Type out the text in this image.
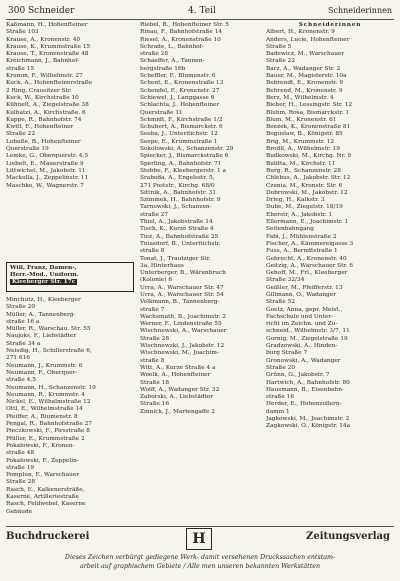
300 Schneider	4. Teil	Schneiderinnen
Kaßmann, H., Hohenfteiner
Straße 103
Krause, A., Kronenstr. 40
Krause, K., Krummstraße 15
Krause, T., Kronenstraße 48
Kreichmann, J., Bahnhof-
straße 15
Krumm, F., Wilhelmstr. 27
Kuck, A., Hohenfteinerstraße
2 Ring, Crausitzer Str.
Kuck, W., Kirchstraße 10
Kühnelt, A., Ziegelstraße 38
Kulbatzi, A., Kirchstraße. 6
Kuppe, R., Bahnhofstr. 74
Kwitt, F., Hohenfteiner
Straße 22
Lobuße, B., Hohenfteiner
Querstraße 19
Lemke, G., Oberquerstr. 4,5
Liebelt, E., Mauerstraße 9
Littwichst, M., Jakobstr. 11
Mackolla, J., Zeppelinstr. 11
Maschke, W., Wagnerstr. 7
Will, Franz, Damen-,
Herr.-Mod., Uniform.
Kleeberger Str. 17c
Minchutz, H., Kleeberger
Straße 20
Müller, A., Tannenberg-
straße 16 a
Müller, R., Warschau. Str. 55
Naujoks, F., Liebstädter
Straße 34 a
Neisdig, H., Schillerstraße 6,
271 616
Neumann, J., Krummstr. 6
Neumann, F., Oberquer-
straße 4,5
Neumann, H., Schanzenstr. 19
Neumann, R., Krummstr. 4
Nickel, E., Wilhelmstraße 12
Ottl, E., Wilhelmstraße 14
Pfeiffer, A., Blumenstr. 8
Pengal, R., Bahnhofstraße 27
Pieczkowski, F., Pirsstraße 8
Pfüller, E., Krummstraße 2
Pokalowski, F., Kronen-
straße 48
Pokalowski, F., Zeppelin-
straße 19
Pomplun, F., Warschauer
Straße 28
Rasch, E., Kalkenersträße,
Kaserne, Artilleriestraße
Rasch, Feldwebel, Kaserne
Gebäude
Riebel, B., Hohenfteiner Str. 5
Rinau, F., Bahnhofstraße 14
Riesel, A., Kronenstraße 10
Schrade, L., Bahnhof-
straße 28
Schaeffer, A., Tannen-
bergstraße 16b
Scheffler, F., Blumenstr. 6
Schent, E., Kronenstraße 13
Schendel, F., Kronenstr. 27
Schiewel, J., Langgasse 6
Schlachta, J., Hohenfteiner
Querstraße 11
Schmidt, F., Kirchstraße 1/2
Schubert, A., Bismarckstr. 6
Seeba, J., Unteritichstr. 12
Seepe, E., Krummstraße 1
Sokolowski, A., Schanzenstr. 29
Spiecker, J., Bismarckstraße 6
Sperling, A., Bahnhofstr. 71
Stobbe, F., Kleebergerstr. 1 a
Sraboda, A., Engelsstr. 5,
271 Poststr., Kirchg. 68/0
Sittnik, A., Bahnhofstr. 31
Szimmek, H., Bahnhofstr. 9
Tarnowski, J., Schanzen-
straße 27
Thiel, A., Jakobstraße 14
Tisch, K., Kurze Straße 4
Tiez, A., Bahnhofstraße 25
Tniasdorf, B., Unteritichstr.
straße 8
Tonat, J., Trautziger Str.
3a, Hinterhaus
Unterberger, B., Wärenbruch
(Kolonie) 6
Urra, A., Warschauer Str. 47
Urra, A., Warschauer Str. 54
Volkmann, B., Tannenberg-
straße 7
Wachsmuth, B., Joachimstr. 2
Werner, F., Lindenstraße 55
Wischnewski, A., Warschauer
Straße 28
Wischnewski, J., Jakobstr. 12
Wischnewski, M., Joachim-
straße 8
Witt, A., Kurze Straße 4 a
Woelk, A., Hohenfteiner
Straße 18
Wolff, A., Wadanger Str. 32
Zaborski, A., Liebstädter
Straße 16
Zinnick, J., Martengaffe 2
Schneiderinnen
Albert, H., Kronenstr. 9
Anders, Lucie, Hohenfteiner
Straße 5
Badewicz, M., Warschauer
Straße 22
Barz, A., Wadanger Str. 2
Bauer, M., Magisterstr. 10a
Bebrendt, E., Kronenstr. 9
Behrend, M., Kronenstr. 9
Berz, M., Wilhelmstr. 4
Bieber, H., Lessingstr. Str. 12
Bluhm, Rosa, Bismarckstr. 1
Blum, M., Kronenstr. 61
Boezek, K., Kronenstraße 81
Boguslaw, B., Königstr. 85
Brig, M., Krummstr. 12
Brodil, A., Wilhelmstr. 19
Budkowski, M., Kirchg. Nr. 9
Bulitta, M., Kirchstr. 11
Burg, R., Schanzenstr. 28
Chlebus, A., Jakobstr. Str. 12
Czenia, M., Kronstr. Str. 6
Dobrowski, M., Jakobstr. 12
Drieg, H., Kalkstr. 3
Dube, M., Ziegelstr. 18/19
Eberstr, A., Jakobstr. 1
Ellermann, E., Joachimstr. 1
Seitenbahngang
Fabi, J., Mühlenstraße 2
Fischer, A., Kämmereigasse 3
Fuss, A., Berndtstraße 1
Gebrecht, A., Kronenstr. 40
Geitzig, A., Warschauer Str. 6
Gehoff, M., Frl., Kleeberger
Straße 32/34
Geißler, M., Pfeifferstr. 13
Gillmann, O., Wadanger
Straße 52
Goetz, Anna, gepr. Meist.,
Fachschule und Unter-
richt im Zeichn. und Zu-
schneid., Wilhelmstr. 3/7, 11
Gornig, M., Ziegelstraße 19
Gradzowski, A., Hinden-
burg Straße 7
Gronowski, A., Wadanger
Straße 20
Grünn, G., Jakobstr. 7
Hartwich, A., Bahnhofstr. 80
Hausmann, B., Eisenbahn-
straße 16
Herder, E., Hohenzollern-
damm 1
Jagkowski, M., Joachimstr. 2
Zagkowski, O., Königstr. 14a
Buchdruckerei	H	Zeitungsverlag
Dieses Zeichen verbürgt gediegene Werk- damit versehenen Druckssachen entstam-
arbeit auf graphischem Gebiete / Alle men unseren bekannten Werkstätten
